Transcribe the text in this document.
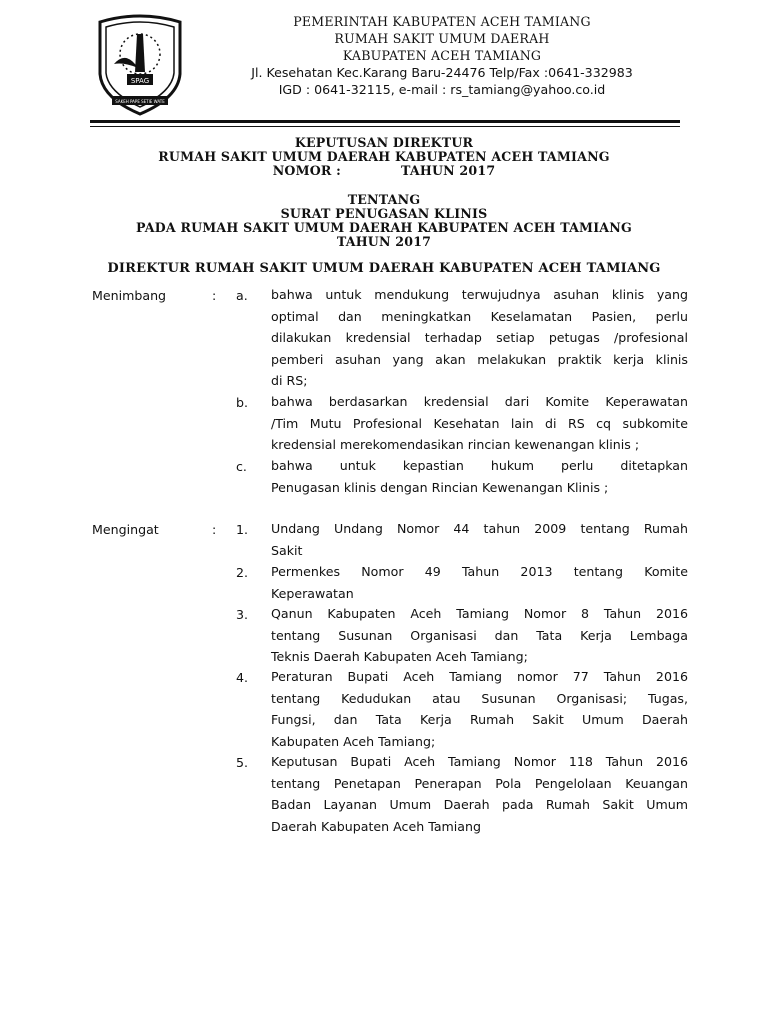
SPAG
SAKEH PAPE SETIE WATE

PEMERINTAH KABUPATEN ACEH TAMIANG

RUMAH SAKIT UMUM DAERAH

KABUPATEN ACEH TAMIANG

Jl. Kesehatan Kec.Karang Baru-24476 Telp/Fax :0641-332983

IGD : 0641-32115, e-mail : rs_tamiang@yahoo.co.id

KEPUTUSAN DIREKTUR

RUMAH SAKIT UMUM DAERAH KABUPATEN ACEH TAMIANG

NOMOR :	TAHUN 2017

TENTANG

SURAT PENUGASAN KLINIS

PADA RUMAH SAKIT UMUM DAERAH KABUPATEN ACEH TAMIANG

TAHUN 2017

DIREKTUR RUMAH SAKIT UMUM DAERAH KABUPATEN ACEH TAMIANG

Menimbang	: a. bahwa untuk mendukung terwujudnya asuhan klinis yang
optimal dan meningkatkan Keselamatan Pasien, perlu
dilakukan kredensial terhadap setiap petugas /profesional
pemberi asuhan yang akan melakukan praktik kerja klinis
di RS;
b. bahwa berdasarkan kredensial dari Komite Keperawatan
/Tim Mutu Profesional Kesehatan lain di RS cq subkomite
kredensial merekomendasikan rincian kewenangan klinis ;
c. bahwa untuk kepastian hukum perlu ditetapkan
Penugasan klinis dengan Rincian Kewenangan Klinis ;

Mengingat	: 1. Undang Undang Nomor 44 tahun 2009 tentang Rumah
Sakit
2. Permenkes Nomor 49 Tahun 2013 tentang Komite
Keperawatan
3. Qanun Kabupaten Aceh Tamiang Nomor 8 Tahun 2016
tentang Susunan Organisasi dan Tata Kerja Lembaga
Teknis Daerah Kabupaten Aceh Tamiang;
4. Peraturan Bupati Aceh Tamiang nomor 77 Tahun 2016
tentang Kedudukan atau Susunan Organisasi; Tugas,
Fungsi, dan Tata Kerja Rumah Sakit Umum Daerah
Kabupaten Aceh Tamiang;
5. Keputusan Bupati Aceh Tamiang Nomor 118 Tahun 2016
tentang Penetapan Penerapan Pola Pengelolaan Keuangan
Badan Layanan Umum Daerah pada Rumah Sakit Umum
Daerah Kabupaten Aceh Tamiang
